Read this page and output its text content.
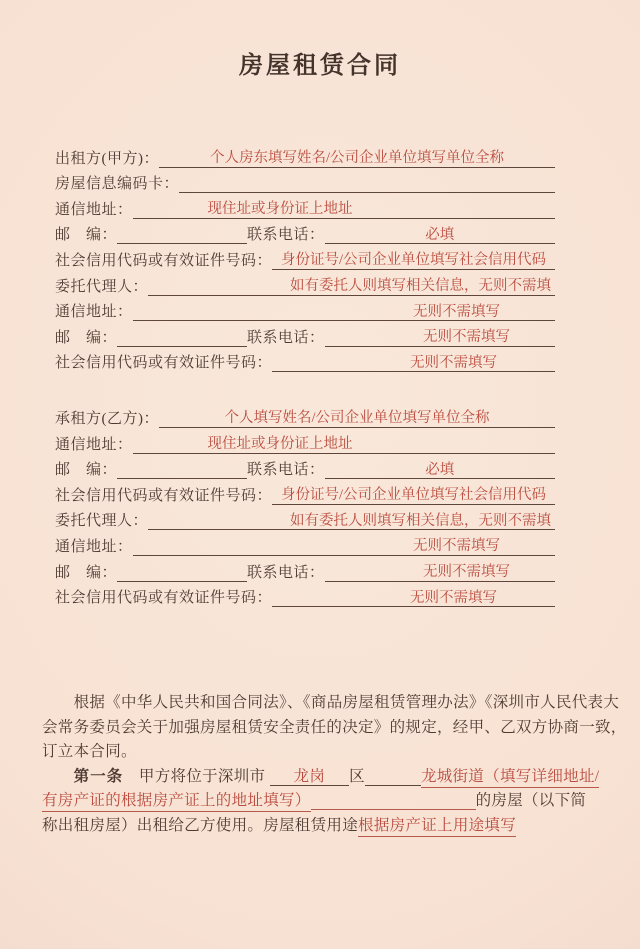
房屋租赁合同
出租方(甲方)：	个人房东填写姓名/公司企业单位填写单位全称
房屋信息编码卡：
通信地址：	现住址或身份证上地址
邮　编：	联系电话：	必填
社会信用代码或有效证件号码： 身份证号/公司企业单位填写社会信用代码
委托代理人：	如有委托人则填写相关信息，无则不需填
通信地址：	无则不需填写
邮　编：	联系电话：	无则不需填写
社会信用代码或有效证件号码：	无则不需填写
承租方(乙方)：	个人填写姓名/公司企业单位填写单位全称
通信地址：	现住址或身份证上地址
邮　编：	联系电话：	必填
社会信用代码或有效证件号码： 身份证号/公司企业单位填写社会信用代码
委托代理人：	如有委托人则填写相关信息，无则不需填
通信地址：	无则不需填写
邮　编：	联系电话：	无则不需填写
社会信用代码或有效证件号码：	无则不需填写
　　根据《中华人民共和国合同法》、《商品房屋租赁管理办法》《深圳市人民代表大
会常务委员会关于加强房屋租赁安全责任的决定》的规定，经甲、乙双方协商一致，
订立本合同。
　　第一条　甲方将位于深圳市 龙岗 区	龙城街道（填写详细地址/
有房产证的根据房产证上的地址填写）	的房屋（以下简
称出租房屋）出租给乙方使用。房屋租赁用途根据房产证上用途填写
